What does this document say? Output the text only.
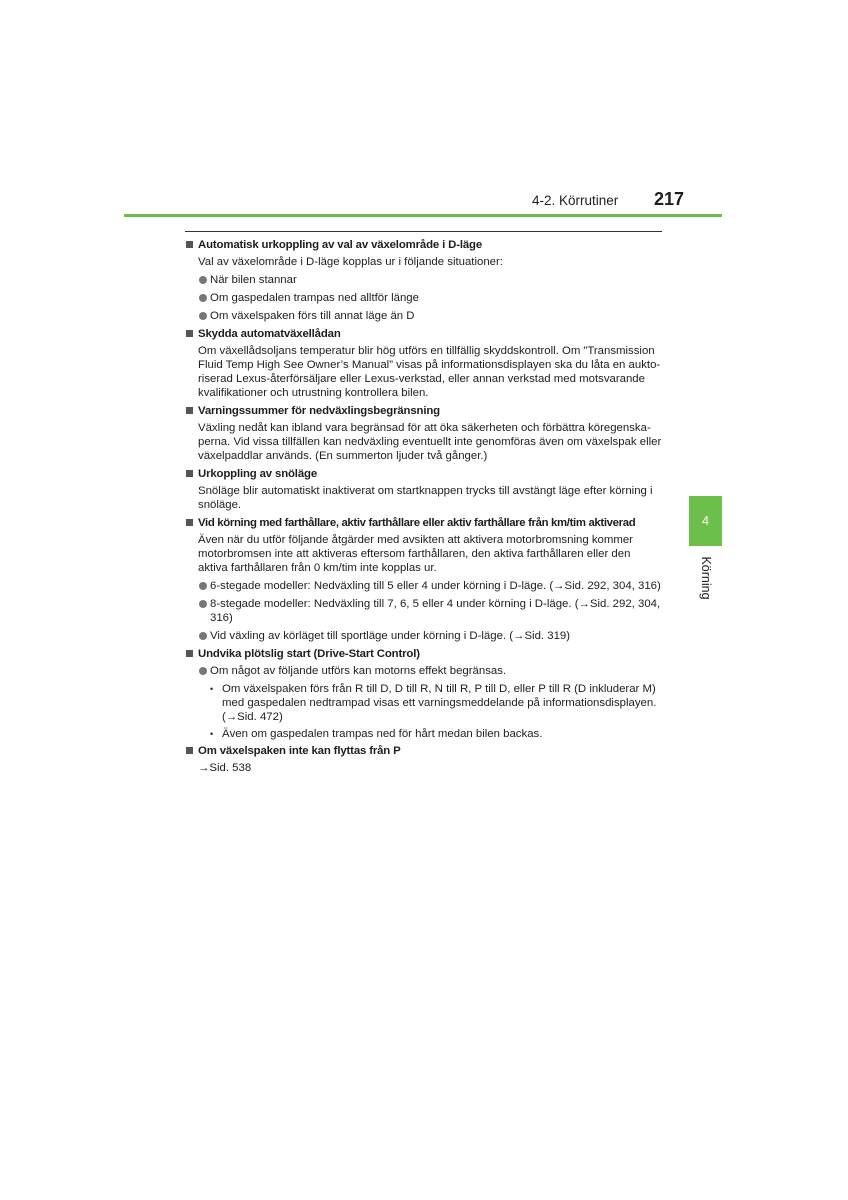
4-2. Körrutiner 217
4
Körning
Automatisk urkoppling av val av växelområde i D-läge
Val av växelområde i D-läge kopplas ur i följande situationer:
När bilen stannar
Om gaspedalen trampas ned alltför länge
Om växelspaken förs till annat läge än D
Skydda automatväxellådan
Om växellådsoljans temperatur blir hög utförs en tillfällig skyddskontroll. Om ”Transmission Fluid Temp High See Owner’s Manual” visas på informationsdisplayen ska du låta en auktoriserad Lexus-återförsäljare eller Lexus-verkstad, eller annan verkstad med motsvarande kvalifikationer och utrustning kontrollera bilen.
Varningssummer för nedväxlingsbegränsning
Växling nedåt kan ibland vara begränsad för att öka säkerheten och förbättra köregenskaperna. Vid vissa tillfällen kan nedväxling eventuellt inte genomföras även om växelspak eller växelpaddlar används. (En summerton ljuder två gånger.)
Urkoppling av snöläge
Snöläge blir automatiskt inaktiverat om startknappen trycks till avstängt läge efter körning i snöläge.
Vid körning med farthållare, aktiv farthållare eller aktiv farthållare från km/tim aktiverad
Även när du utför följande åtgärder med avsikten att aktivera motorbromsning kommer motorbromsen inte att aktiveras eftersom farthållaren, den aktiva farthållaren eller den aktiva farthållaren från 0 km/tim inte kopplas ur.
6-stegade modeller: Nedväxling till 5 eller 4 under körning i D-läge. (→Sid. 292, 304, 316)
8-stegade modeller: Nedväxling till 7, 6, 5 eller 4 under körning i D-läge. (→Sid. 292, 304, 316)
Vid växling av körläget till sportläge under körning i D-läge. (→Sid. 319)
Undvika plötslig start (Drive-Start Control)
Om något av följande utförs kan motorns effekt begränsas.
• Om växelspaken förs från R till D, D till R, N till R, P till D, eller P till R (D inkluderar M) med gaspedalen nedtrampad visas ett varningsmeddelande på informationsdisplayen. (→Sid. 472)
• Även om gaspedalen trampas ned för hårt medan bilen backas.
Om växelspaken inte kan flyttas från P
→Sid. 538
